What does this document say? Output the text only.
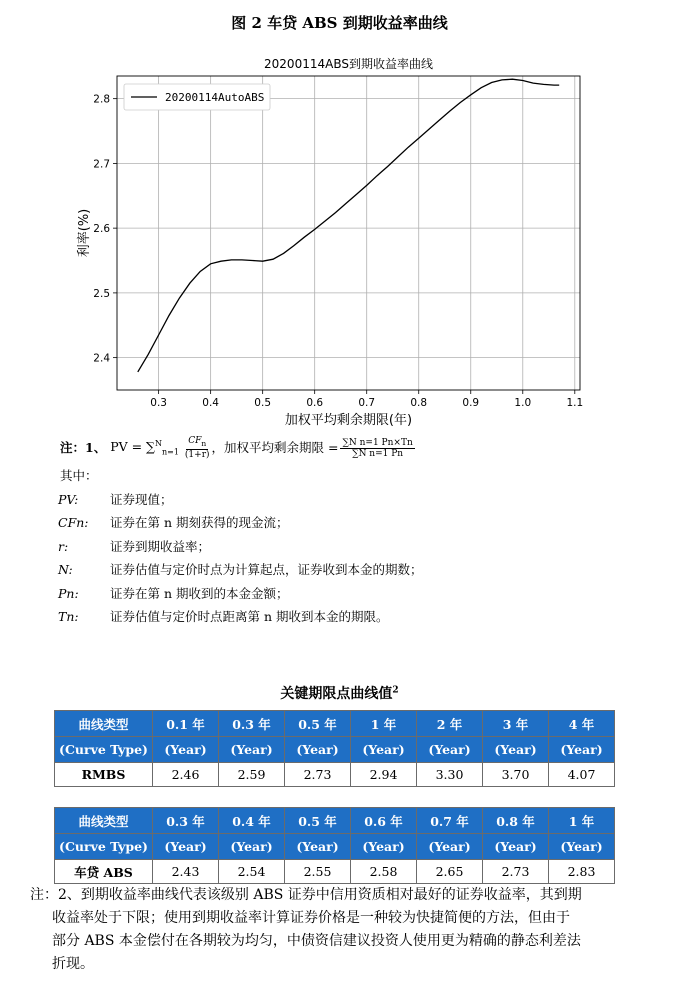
图 2 车贷 ABS 到期收益率曲线
20200114ABS到期收益率曲线
0.3	0.4	0.5	0.6	0.7	0.8	0.9	1.0	1.1
2.4
2.5
2.6
2.7
2.8	20200114AutoABS
加权平均剩余期限(年)
利率(%)
注：1、 PV = $\sum^N_{n=1} \frac{CF_n}{(1+r)}$ ，加权平均剩余期限 = $\frac{\text{∑N n=1 Pn×Tn}}{\text{∑N n=1 Pn}}$
其中：
PV:	证券现值；
CFn:	证券在第 n 期刻获得的现金流；
r:	证券到期收益率；
N:	证券估值与定价时点为计算起点，证券收到本金的期数；
Pn:	证券在第 n 期收到的本金金额；
Tn:	证券估值与定价时点距离第 n 期收到本金的期限。
关键期限点曲线值$^2$
曲线类型	0.1 年	0.3 年	0.5 年	1 年	2 年	3 年	4 年
(Curve Type)	(Year)	(Year)	(Year)	(Year)	(Year)	(Year)	(Year)
RMBS	2.46	2.59	2.73	2.94	3.30	3.70	4.07
曲线类型	0.3 年	0.4 年	0.5 年	0.6 年	0.7 年	0.8 年	1 年
(Curve Type)	(Year)	(Year)	(Year)	(Year)	(Year)	(Year)	(Year)
车贷 ABS	2.43	2.54	2.55	2.58	2.65	2.73	2.83
注：2、到期收益率曲线代表该级别 ABS 证券中信用资质相对最好的证券收益率，其到期
收益率处于下限；使用到期收益率计算证券价格是一种较为快捷简便的方法，但由于
部分 ABS 本金偿付在各期较为均匀，中债资信建议投资人使用更为精确的静态利差法
折现。
